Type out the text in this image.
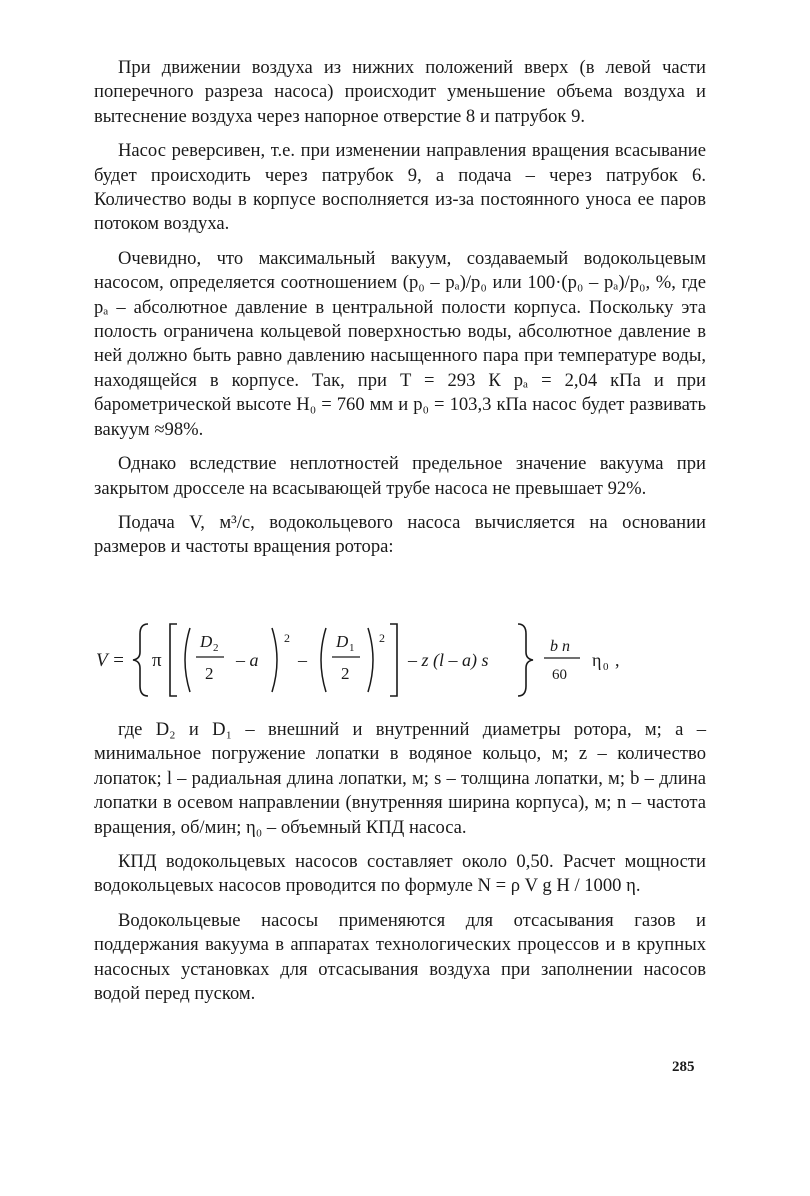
При движении воздуха из нижних положений вверх (в левой части поперечного разреза насоса) происходит уменьшение объема воздуха и вытеснение воздуха через напорное отверстие 8 и патрубок 9.

Насос реверсивен, т.е. при изменении направления вращения всасывание будет происходить через патрубок 9, а подача – через патрубок 6. Количество воды в корпусе восполняется из-за постоянного уноса ее паров потоком воздуха.

Очевидно, что максимальный вакуум, создаваемый водокольцевым насосом, определяется соотношением (p₀ – pₐ)/p₀ или 100·(p₀ – pₐ)/p₀, %, где pₐ – абсолютное давление в центральной полости корпуса. Поскольку эта полость ограничена кольцевой поверхностью воды, абсолютное давление в ней должно быть равно давлению насыщенного пара при температуре воды, находящейся в корпусе. Так, при T = 293 К pₐ = 2,04 кПа и при барометрической высоте H₀ = 760 мм и p₀ = 103,3 кПа насос будет развивать вакуум ≈98%.

Однако вследствие неплотностей предельное значение вакуума при закрытом дросселе на всасывающей трубе насоса не превышает 92%.

Подача V, м³/с, водокольцевого насоса вычисляется на основании размеров и частоты вращения ротора:

V = π
D 2
2
– a
2
–
D 1
2
2
– z (l – a) s
b n
60
η 0 ,

где D₂ и D₁ – внешний и внутренний диаметры ротора, м; a – минимальное погружение лопатки в водяное кольцо, м; z – количество лопаток; l – радиальная длина лопатки, м; s – толщина лопатки, м; b – длина лопатки в осевом направлении (внутренняя ширина корпуса), м; n – частота вращения, об/мин; η₀ – объемный КПД насоса.

КПД водокольцевых насосов составляет около 0,50. Расчет мощности водокольцевых насосов проводится по формуле N = ρ V g H / 1000 η.

Водокольцевые насосы применяются для отсасывания газов и поддержания вакуума в аппаратах технологических процессов и в крупных насосных установках для отсасывания воздуха при заполнении насосов водой перед пуском.

285
